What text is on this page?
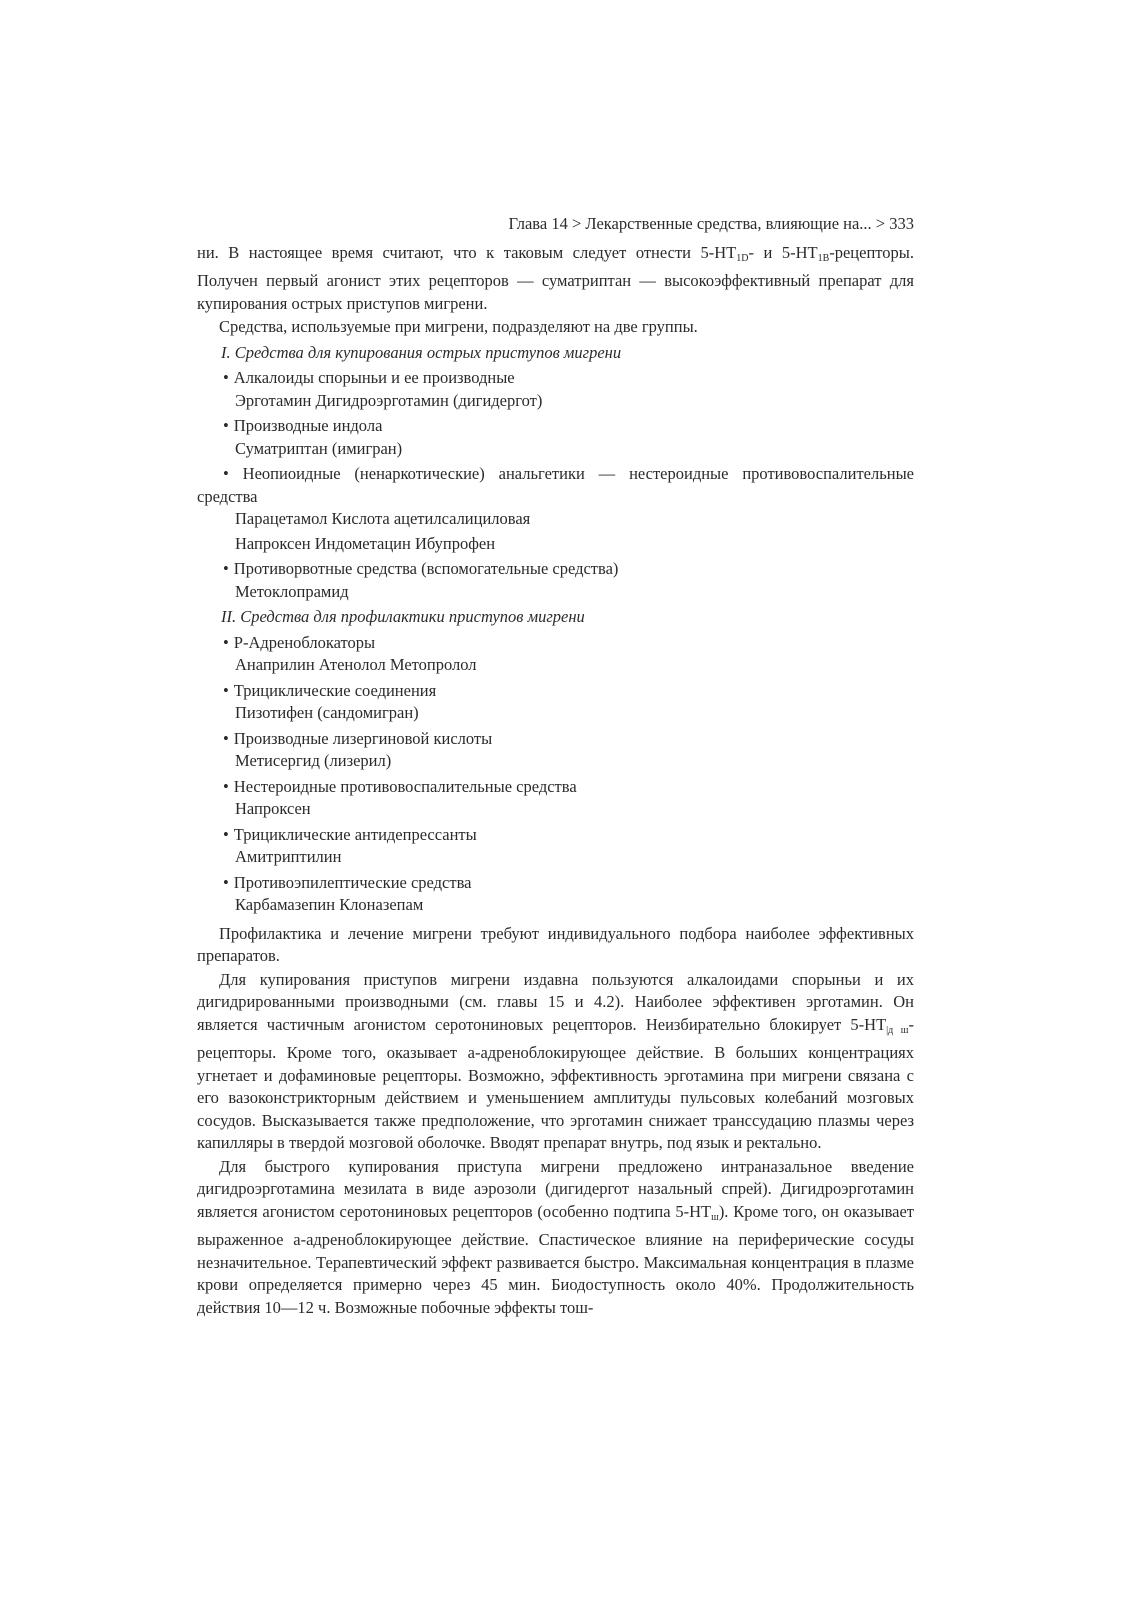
Глава 14 > Лекарственные средства, влияющие на... > 333

ни. В настоящее время считают, что к таковым следует отнести $5-НТ_{1D}-$ и $5-НТ_{1В}$-рецепторы. Получен первый агонист этих рецепторов — суматриптан — высокоэффективный препарат для купирования острых приступов мигрени.

Средства, используемые при мигрени, подразделяют на две группы.

I. Средства для купирования острых приступов мигрени
• Алкалоиды спорыньи и ее производные
Эрготамин Дигидроэрготамин (дигидергот)
• Производные индола
Суматриптан (имигран)
• Неопиоидные (ненаркотические) анальгетики — нестероидные противовоспалительные средства
Парацетамол Кислота ацетилсалициловая
Напроксен Индометацин Ибупрофен
• Противорвотные средства (вспомогательные средства)
Метоклопрамид
II. Средства для профилактики приступов мигрени
• Р-Адреноблокаторы
Анаприлин Атенолол Метопролол
• Трициклические соединения
Пизотифен (сандомигран)
• Производные лизергиновой кислоты
Метисергид (лизерил)
• Нестероидные противовоспалительные средства
Напроксен
• Трициклические антидепрессанты
Амитриптилин
• Противоэпилептические средства
Карбамазепин Клоназепам

Профилактика и лечение мигрени требуют индивидуального подбора наиболее эффективных препаратов.

Для купирования приступов мигрени издавна пользуются алкалоидами спорыньи и их дигидрированными производными (см. главы 15 и 4.2). Наиболее эффективен эрготамин. Он является частичным агонистом серотониновых рецепторов. Неизбирательно блокирует $5-НТ_{|д ш}$-рецепторы. Кроме того, оказывает а-адреноблокирующее действие. В больших концентрациях угнетает и дофаминовые рецепторы. Возможно, эффективность эрготамина при мигрени связана с его вазоконстрикторным действием и уменьшением амплитуды пульсовых колебаний мозговых сосудов. Высказывается также предположение, что эрготамин снижает транссудацию плазмы через капилляры в твердой мозговой оболочке. Вводят препарат внутрь, под язык и ректально.

Для быстрого купирования приступа мигрени предложено интраназальное введение дигидроэрготамина мезилата в виде аэрозоли (дигидергот назальный спрей). Дигидроэрготамин является агонистом серотониновых рецепторов (особенно подтипа $5-НТ_ш$). Кроме того, он оказывает выраженное а-адреноблокирующее действие. Спастическое влияние на периферические сосуды незначительное. Терапевтический эффект развивается быстро. Максимальная концентрация в плазме крови определяется примерно через 45 мин. Биодоступность около 40%. Продолжительность действия 10—12 ч. Возможные побочные эффекты тош-
